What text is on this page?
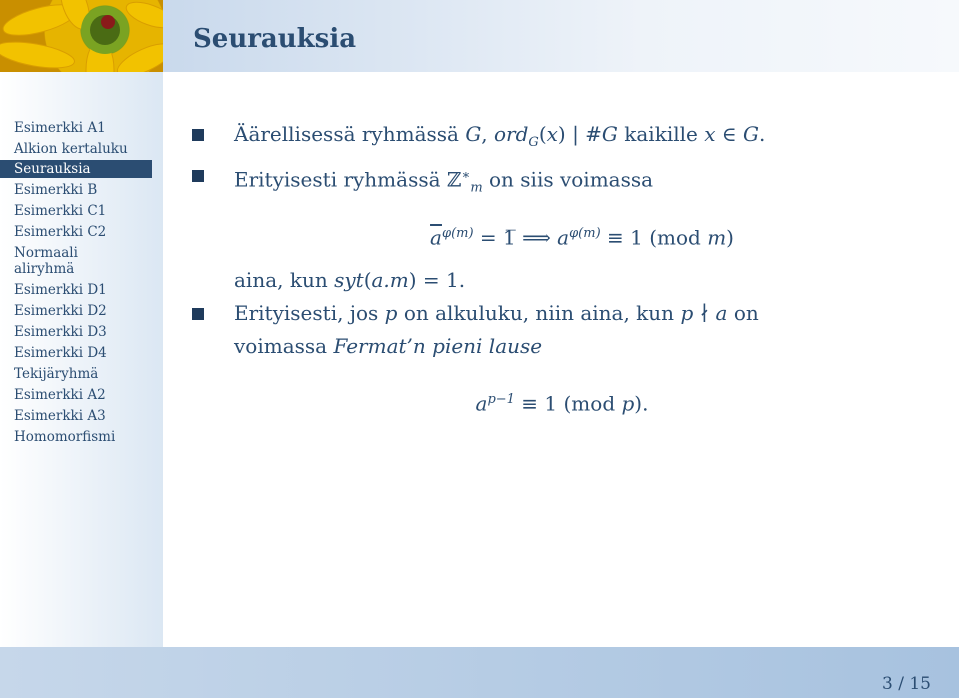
Seurauksia
Esimerkki A1
Alkion kertaluku
Seurauksia
Esimerkki B
Esimerkki C1
Esimerkki C2
Normaali aliryhmä
Esimerkki D1
Esimerkki D2
Esimerkki D3
Esimerkki D4
Tekijäryhmä
Esimerkki A2
Esimerkki A3
Homomorfismi
Äärellisessä ryhmässä G, ord$_G$(x) | #G kaikille x ∈ G.
Erityisesti ryhmässä ℤ∗$_m$ on siis voimassa
$\overline{a}^{\varphi(m)}$ = 1̅ ⟹ $a^{\varphi(m)} \equiv 1$ (mod m)
aina, kun syt(a.m) = 1.
Erityisesti, jos p on alkuluku, niin aina, kun p ∤ a on
voimassa Fermat’n pieni lause
$a^{p-1} \equiv 1$ (mod p).
3 / 15
